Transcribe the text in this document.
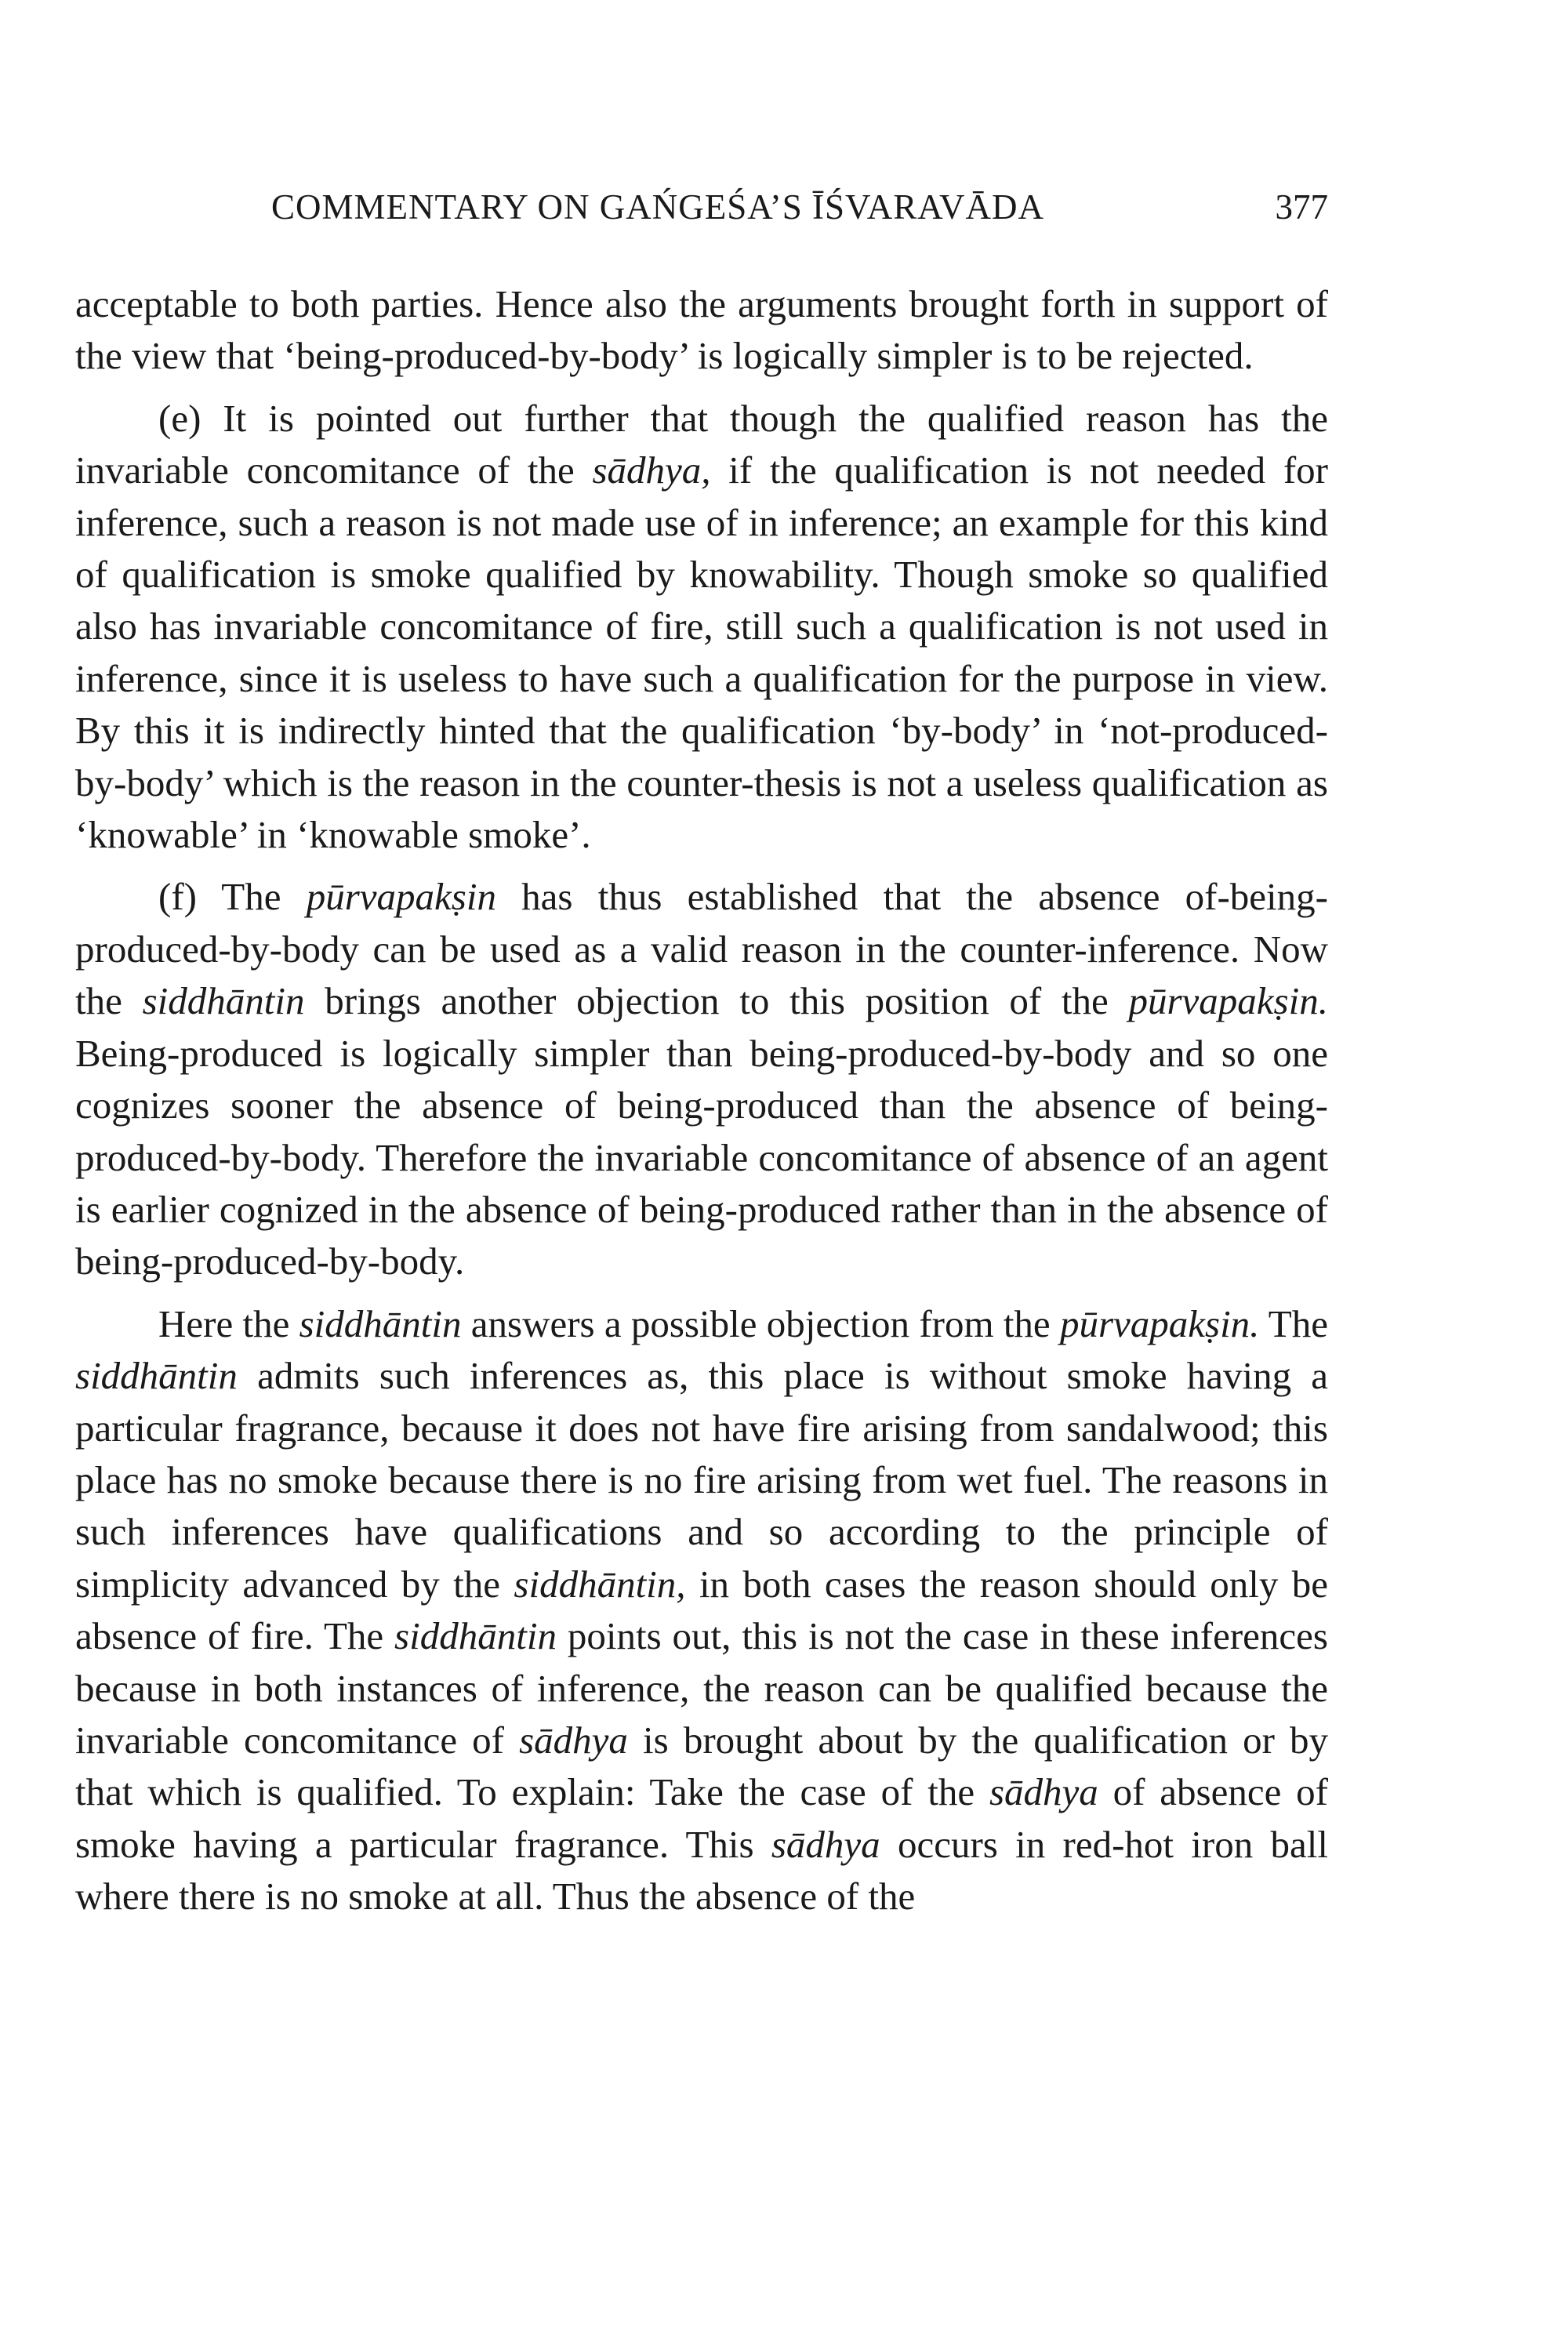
COMMENTARY ON GAŃGEŚA’S ĪŚVARAVĀDA	377

acceptable to both parties. Hence also the arguments brought forth in support of the view that ‘being-produced-by-body’ is logically simpler is to be rejected.

(e) It is pointed out further that though the qualified reason has the invariable concomitance of the sādhya, if the qualification is not needed for inference, such a reason is not made use of in inference; an example for this kind of qualification is smoke qualified by knowability. Though smoke so qualified also has invariable concomitance of fire, still such a qualification is not used in inference, since it is useless to have such a qualification for the purpose in view. By this it is indirectly hinted that the qualification ‘by-body’ in ‘not-produced-by-body’ which is the reason in the counter-thesis is not a useless qualification as ‘knowable’ in ‘knowable smoke’.

(f) The pūrvapakṣin has thus established that the absence of-being-produced-by-body can be used as a valid reason in the counter-inference. Now the siddhāntin brings another objection to this position of the pūrvapakṣin. Being-produced is logically simpler than being-produced-by-body and so one cognizes sooner the absence of being-produced than the absence of being-produced-by-body. Therefore the invariable concomitance of absence of an agent is earlier cognized in the absence of being-produced rather than in the absence of being-produced-by-body.

Here the siddhāntin answers a possible objection from the pūrvapakṣin. The siddhāntin admits such inferences as, this place is without smoke having a particular fragrance, because it does not have fire arising from sandalwood; this place has no smoke because there is no fire arising from wet fuel. The reasons in such inferences have qualifications and so according to the principle of simplicity advanced by the siddhāntin, in both cases the reason should only be absence of fire. The siddhāntin points out, this is not the case in these inferences because in both instances of inference, the reason can be qualified because the invariable concomitance of sādhya is brought about by the qualification or by that which is qualified. To explain: Take the case of the sādhya of absence of smoke having a particular fragrance. This sādhya occurs in red-hot iron ball where there is no smoke at all. Thus the absence of the
